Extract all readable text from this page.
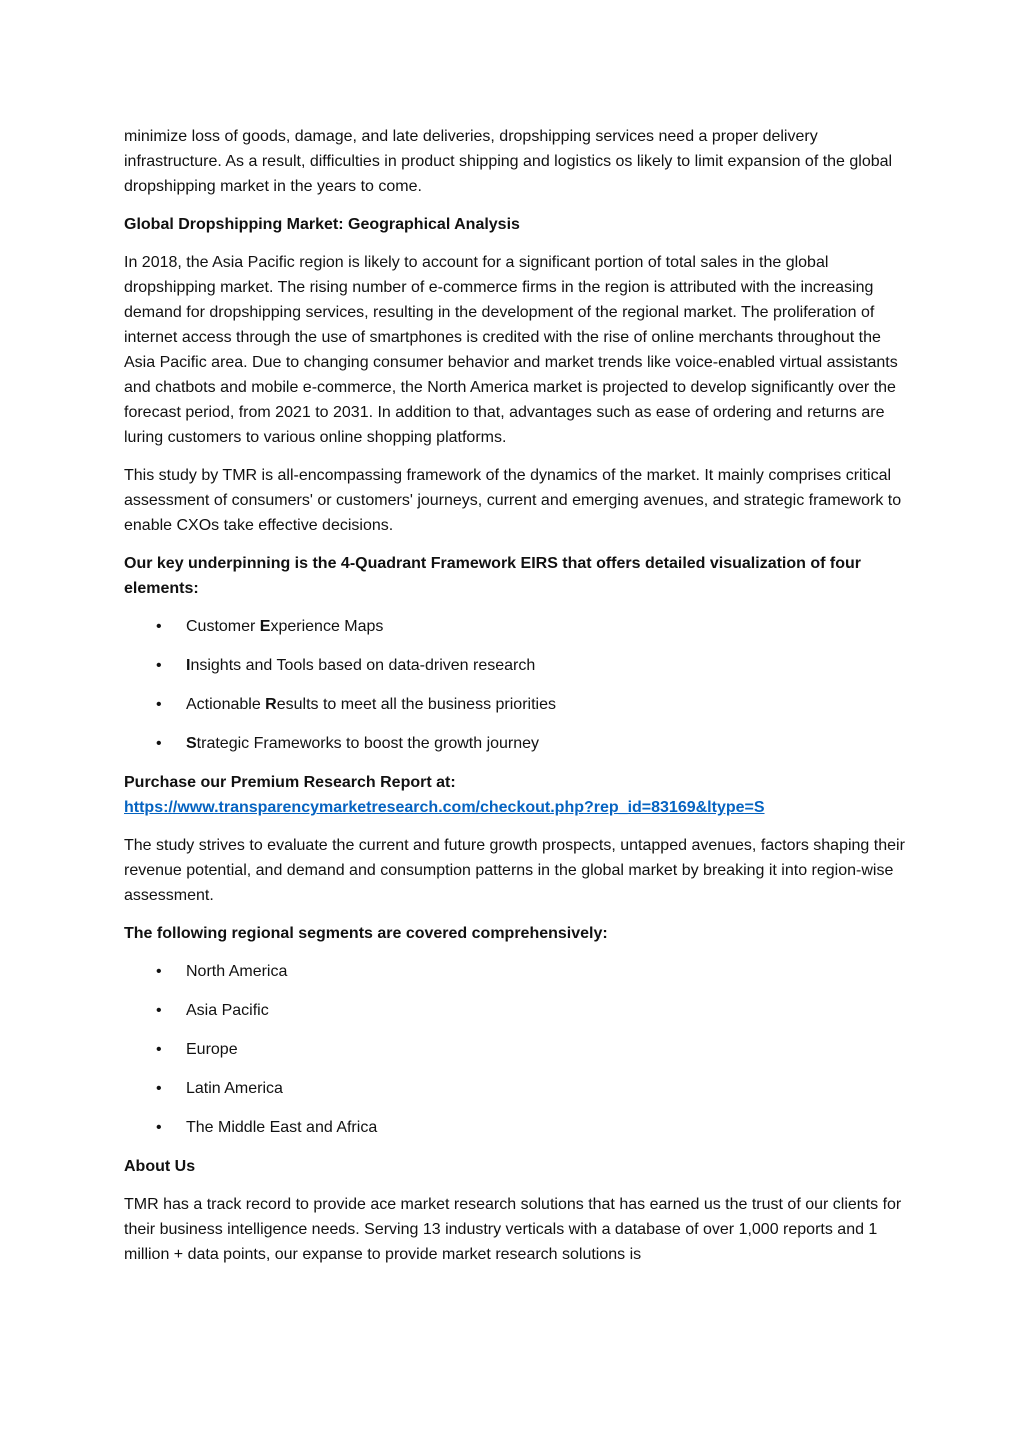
minimize loss of goods, damage, and late deliveries, dropshipping services need a proper delivery infrastructure. As a result, difficulties in product shipping and logistics os likely to limit expansion of the global dropshipping market in the years to come.

Global Dropshipping Market: Geographical Analysis

In 2018, the Asia Pacific region is likely to account for a significant portion of total sales in the global dropshipping market. The rising number of e-commerce firms in the region is attributed with the increasing demand for dropshipping services, resulting in the development of the regional market. The proliferation of internet access through the use of smartphones is credited with the rise of online merchants throughout the Asia Pacific area. Due to changing consumer behavior and market trends like voice-enabled virtual assistants and chatbots and mobile e-commerce, the North America market is projected to develop significantly over the forecast period, from 2021 to 2031. In addition to that, advantages such as ease of ordering and returns are luring customers to various online shopping platforms.

This study by TMR is all-encompassing framework of the dynamics of the market. It mainly comprises critical assessment of consumers' or customers' journeys, current and emerging avenues, and strategic framework to enable CXOs take effective decisions.

Our key underpinning is the 4-Quadrant Framework EIRS that offers detailed visualization of four elements:

• Customer Experience Maps
• Insights and Tools based on data-driven research
• Actionable Results to meet all the business priorities
• Strategic Frameworks to boost the growth journey

Purchase our Premium Research Report at:
https://www.transparencymarketresearch.com/checkout.php?rep_id=83169&ltype=S

The study strives to evaluate the current and future growth prospects, untapped avenues, factors shaping their revenue potential, and demand and consumption patterns in the global market by breaking it into region-wise assessment.

The following regional segments are covered comprehensively:

• North America
• Asia Pacific
• Europe
• Latin America
• The Middle East and Africa

About Us

TMR has a track record to provide ace market research solutions that has earned us the trust of our clients for their business intelligence needs. Serving 13 industry verticals with a database of over 1,000 reports and 1 million + data points, our expanse to provide market research solutions is
